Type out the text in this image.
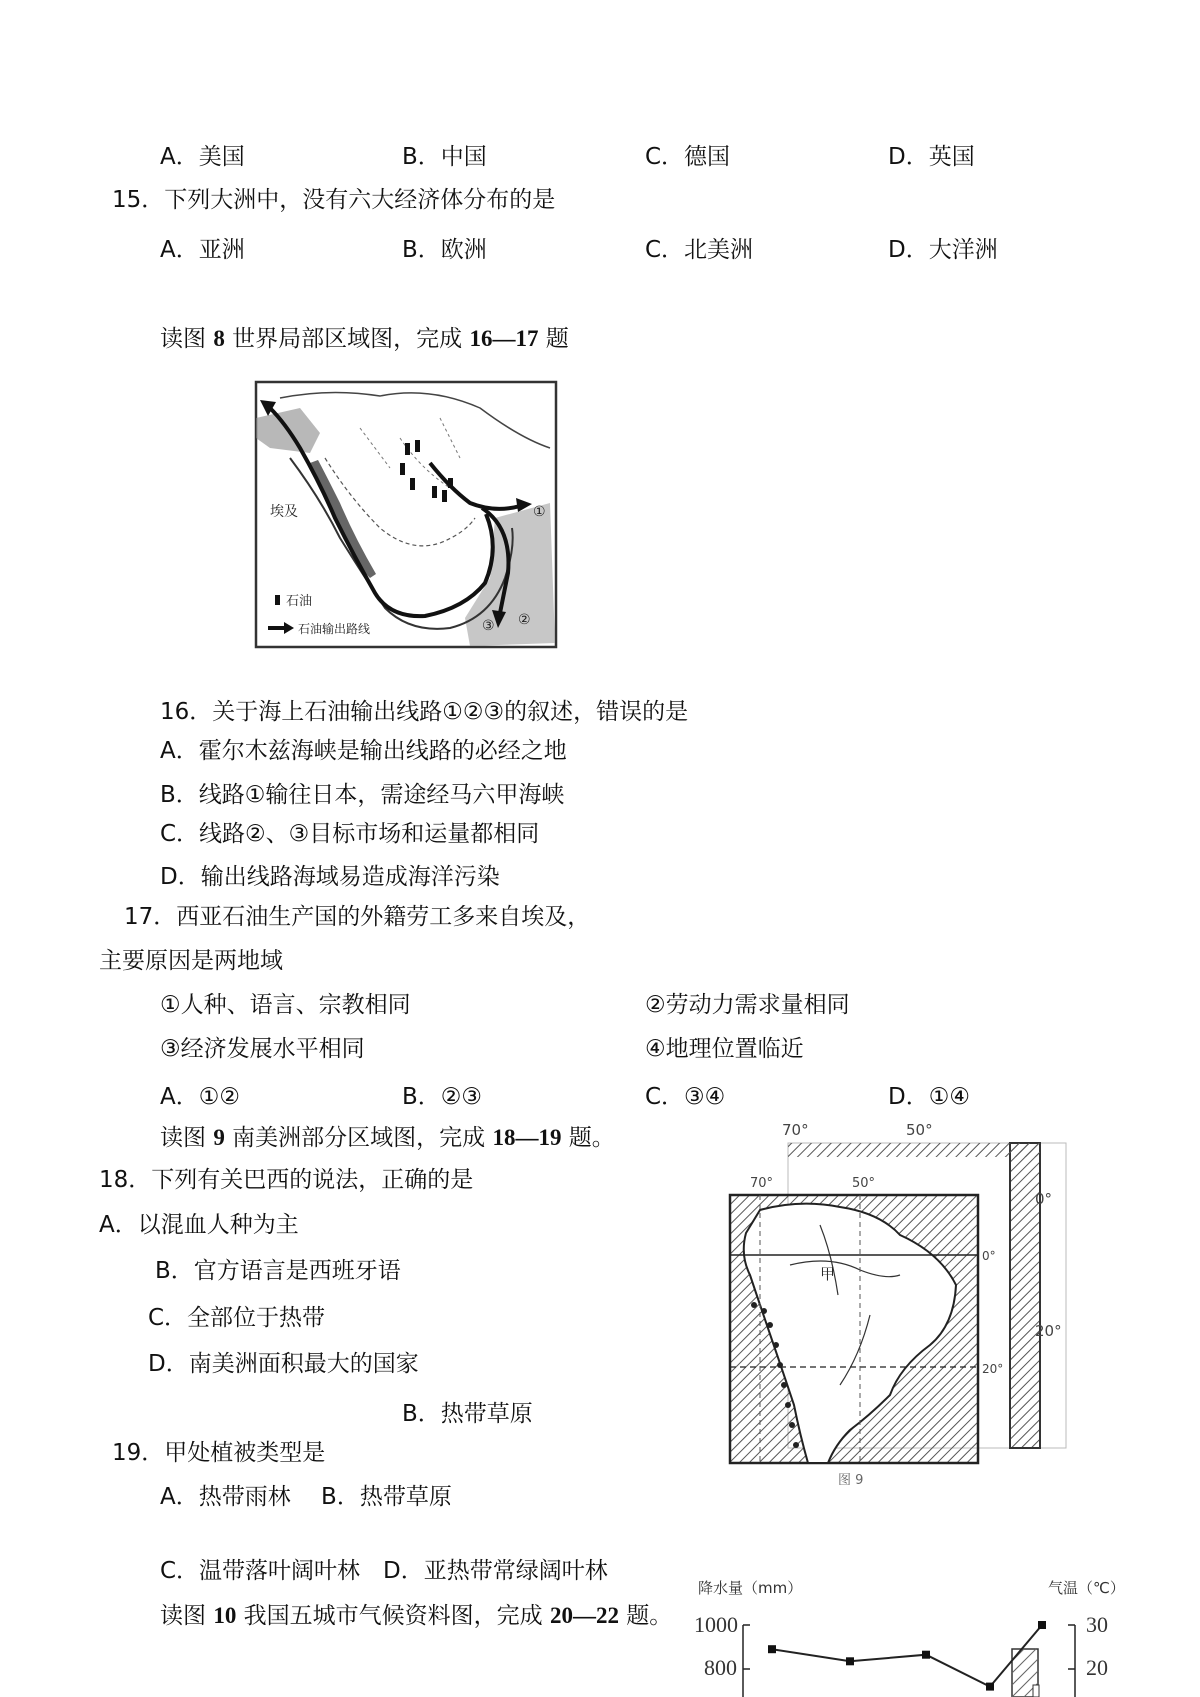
A．美国	B．中国	C．德国	D．英国
15．下列大洲中，没有六大经济体分布的是
A．亚洲	B．欧洲	C．北美洲	D．大洋洲
读图 8 世界局部区域图，完成 16—17 题
埃及	①
②
③
石油
石油输出路线
16．关于海上石油输出线路①②③的叙述，错误的是
A．霍尔木兹海峡是输出线路的必经之地
B．线路①输往日本，需途经马六甲海峡
C．线路②、③目标市场和运量都相同
D．输出线路海域易造成海洋污染
17．西亚石油生产国的外籍劳工多来自埃及，
主要原因是两地域
①人种、语言、宗教相同	②劳动力需求量相同
③经济发展水平相同	④地理位置临近
A．①②	B．②③	C．③④	D．①④
读图 9 南美洲部分区域图，完成 18—19 题。	70°	50°
0°
20°
70°	50°
0°
20°
甲
图 9
18．下列有关巴西的说法，正确的是
A．以混血人种为主
B．官方语言是西班牙语
C．全部位于热带
D．南美洲面积最大的国家
B．热带草原
19．甲处植被类型是
A．热带雨林　 B．热带草原
C．温带落叶阔叶林　D．亚热带常绿阔叶林
读图 10 我国五城市气候资料图，完成 20—22 题。
降水量（mm）	气温（℃）
1000
800
30
20
